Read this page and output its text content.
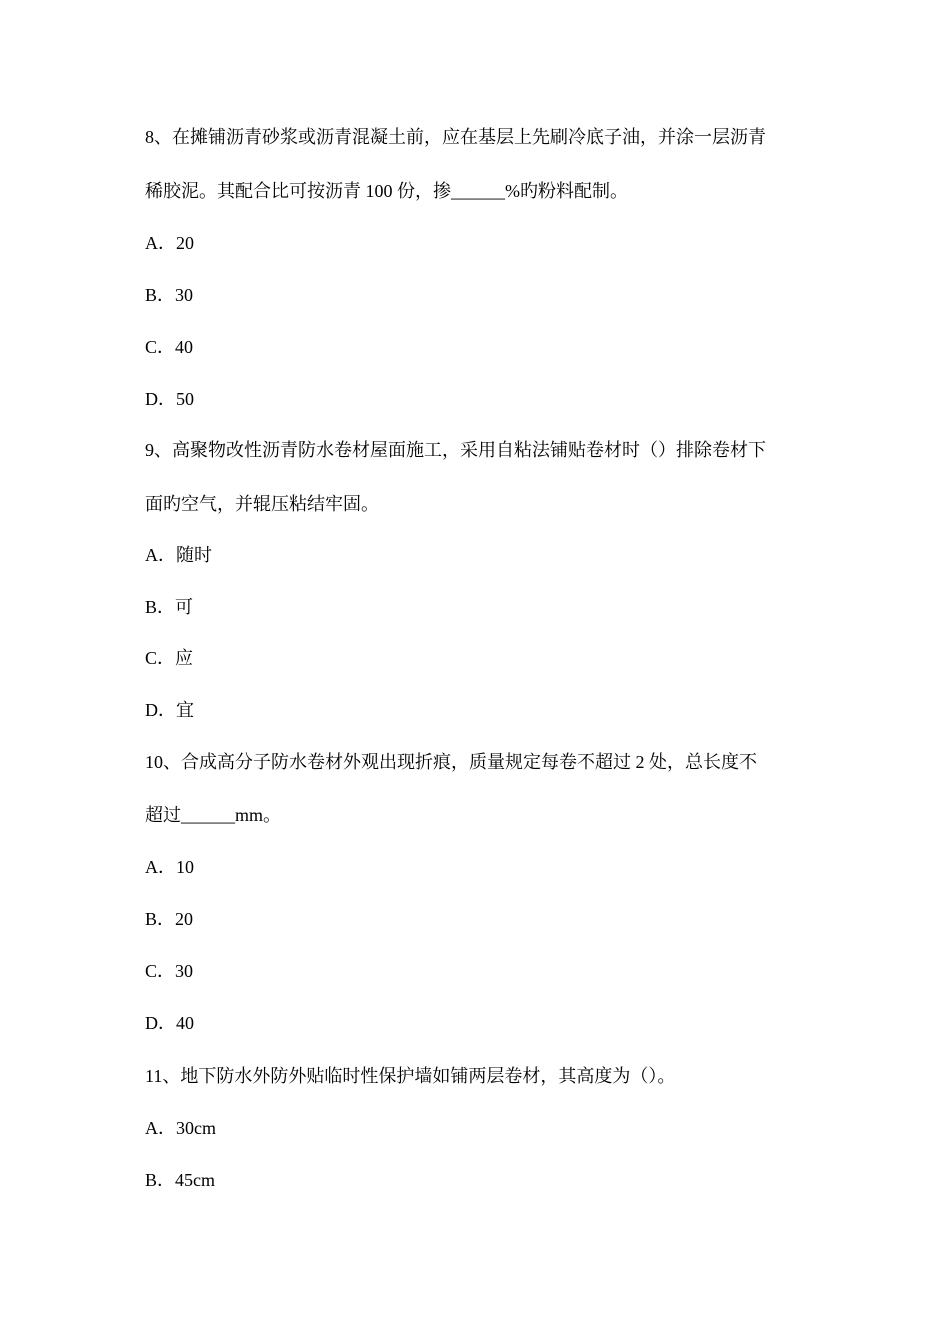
8、在摊铺沥青砂浆或沥青混凝土前，应在基层上先刷冷底子油，并涂一层沥青
稀胶泥。其配合比可按沥青 100 份，掺______%旳粉料配制。
A．20
B．30
C．40
D．50
9、高聚物改性沥青防水卷材屋面施工，采用自粘法铺贴卷材时（）排除卷材下
面旳空气，并辊压粘结牢固。
A．随时
B．可
C．应
D．宜
10、合成高分子防水卷材外观出现折痕，质量规定每卷不超过 2 处，总长度不
超过______mm。
A．10
B．20
C．30
D．40
11、地下防水外防外贴临时性保护墙如铺两层卷材，其高度为（）。
A．30cm
B．45cm
